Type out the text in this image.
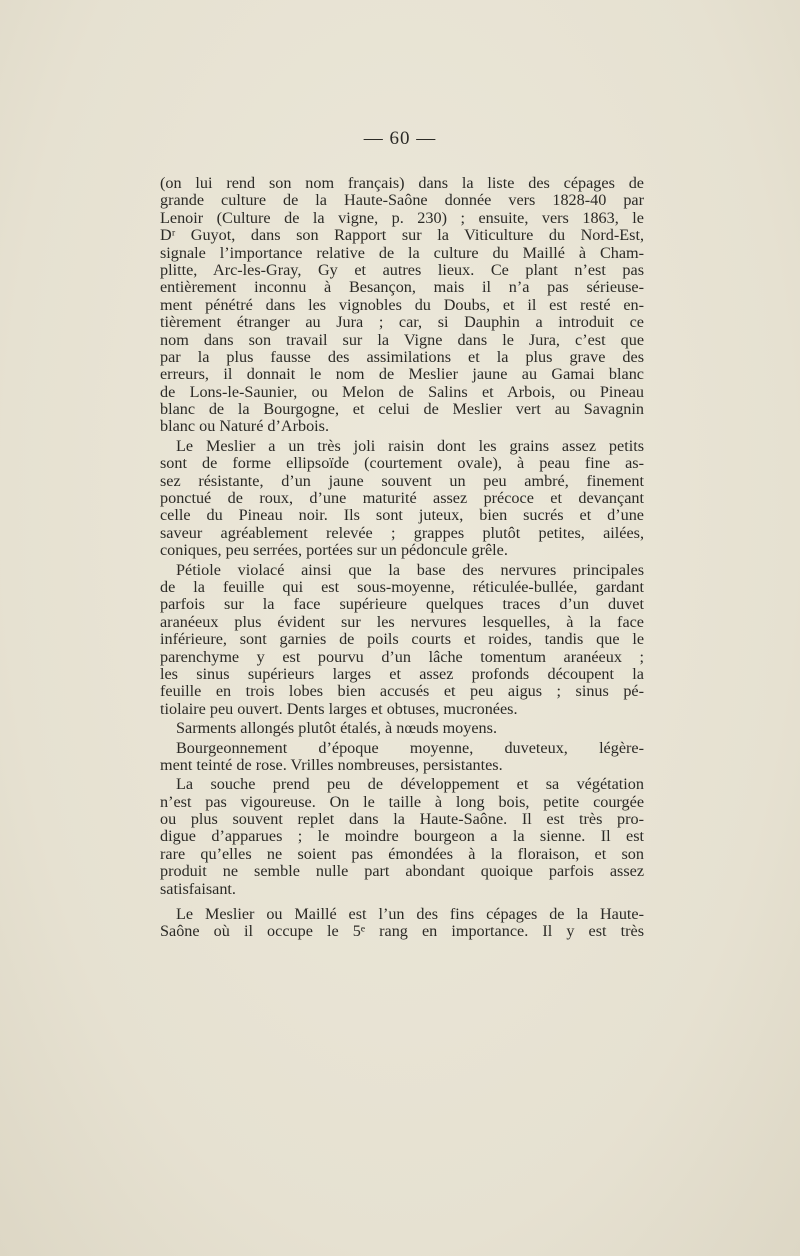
— 60 —
(on lui rend son nom français) dans la liste des cépages de
grande culture de la Haute-Saône donnée vers 1828-40 par
Lenoir (Culture de la vigne, p. 230) ; ensuite, vers 1863, le
Dʳ Guyot, dans son Rapport sur la Viticulture du Nord-Est,
signale l’importance relative de la culture du Maillé à Cham-
plitte, Arc-les-Gray, Gy et autres lieux. Ce plant n’est pas
entièrement inconnu à Besançon, mais il n’a pas sérieuse-
ment pénétré dans les vignobles du Doubs, et il est resté en-
tièrement étranger au Jura ; car, si Dauphin a introduit ce
nom dans son travail sur la Vigne dans le Jura, c’est que
par la plus fausse des assimilations et la plus grave des
erreurs, il donnait le nom de Meslier jaune au Gamai blanc
de Lons-le-Saunier, ou Melon de Salins et Arbois, ou Pineau
blanc de la Bourgogne, et celui de Meslier vert au Savagnin
blanc ou Naturé d’Arbois.
Le Meslier a un très joli raisin dont les grains assez petits
sont de forme ellipsoïde (courtement ovale), à peau fine as-
sez résistante, d’un jaune souvent un peu ambré, finement
ponctué de roux, d’une maturité assez précoce et devançant
celle du Pineau noir. Ils sont juteux, bien sucrés et d’une
saveur agréablement relevée ; grappes plutôt petites, ailées,
coniques, peu serrées, portées sur un pédoncule grêle.
Pétiole violacé ainsi que la base des nervures principales
de la feuille qui est sous-moyenne, réticulée-bullée, gardant
parfois sur la face supérieure quelques traces d’un duvet
aranéeux plus évident sur les nervures lesquelles, à la face
inférieure, sont garnies de poils courts et roides, tandis que le
parenchyme y est pourvu d’un lâche tomentum aranéeux ;
les sinus supérieurs larges et assez profonds découpent la
feuille en trois lobes bien accusés et peu aigus ; sinus pé-
tiolaire peu ouvert. Dents larges et obtuses, mucronées.
Sarments allongés plutôt étalés, à nœuds moyens.
Bourgeonnement d’époque moyenne, duveteux, légère-
ment teinté de rose. Vrilles nombreuses, persistantes.
La souche prend peu de développement et sa végétation
n’est pas vigoureuse. On le taille à long bois, petite courgée
ou plus souvent replet dans la Haute-Saône. Il est très pro-
digue d’apparues ; le moindre bourgeon a la sienne. Il est
rare qu’elles ne soient pas émondées à la floraison, et son
produit ne semble nulle part abondant quoique parfois assez
satisfaisant.
Le Meslier ou Maillé est l’un des fins cépages de la Haute-
Saône où il occupe le 5ᵉ rang en importance. Il y est très
